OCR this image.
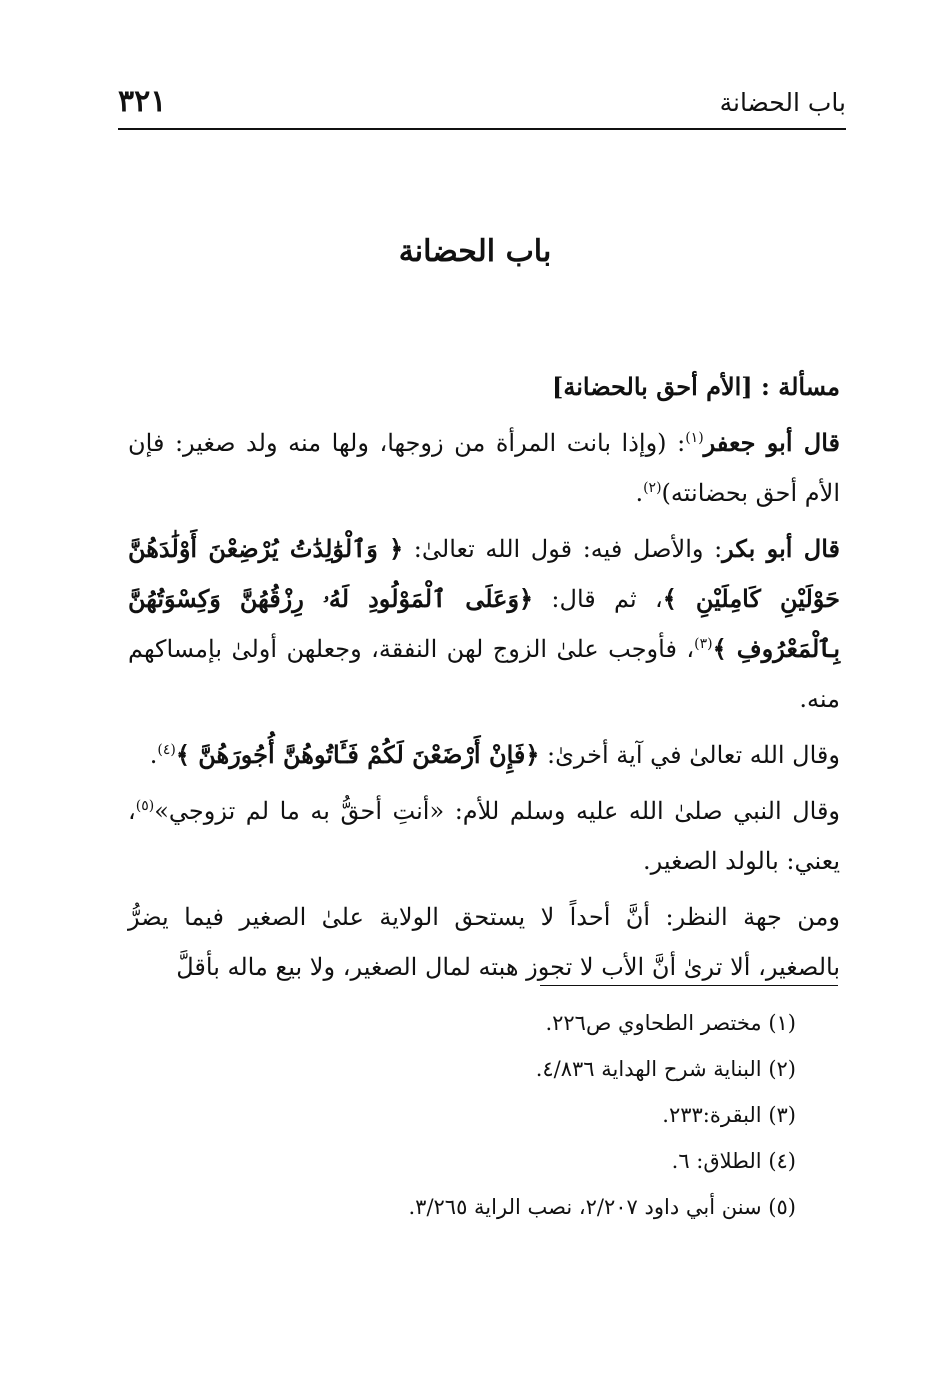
باب الحضانة
٣٢١
باب الحضانة

مسألة : [الأم أحق بالحضانة]

قال أبو جعفر$^{(١)}$: (وإذا بانت المرأة من زوجها، ولها منه ولد صغير: فإن الأم أحق بحضانته)$^{(٢)}$.

قال أبو بكر: والأصل فيه: قول الله تعالىٰ: ﴿ وَٱلْوَٰلِدَٰتُ يُرْضِعْنَ أَوْلَٰدَهُنَّ حَوْلَيْنِ كَامِلَيْنِ ﴾، ثم قال: ﴿وَعَلَى ٱلْمَوْلُودِ لَهُۥ رِزْقُهُنَّ وَكِسْوَتُهُنَّ بِٱلْمَعْرُوفِ ﴾$^{(٣)}$، فأوجب علىٰ الزوج لهن النفقة، وجعلهن أولىٰ بإمساكهم منه.

وقال الله تعالىٰ في آية أخرىٰ: ﴿فَإِنْ أَرْضَعْنَ لَكُمْ فَـَٔاتُوهُنَّ أُجُورَهُنَّ ﴾$^{(٤)}$.

وقال النبي صلىٰ الله عليه وسلم للأم: «أنتِ أحقُّ به ما لم تزوجي»$^{(٥)}$، يعني: بالولد الصغير.

ومن جهة النظر: أنَّ أحداً لا يستحق الولاية علىٰ الصغير فيما يضرُّ بالصغير، ألا ترىٰ أنَّ الأب لا تجوز هبته لمال الصغير، ولا بيع ماله بأقلَّ

(١) مختصر الطحاوي ص٢٢٦.
(٢) البناية شرح الهداية ٤/٨٣٦.
(٣) البقرة:٢٣٣.
(٤) الطلاق: ٦.
(٥) سنن أبي داود ٢/٢٠٧، نصب الراية ٣/٢٦٥.
